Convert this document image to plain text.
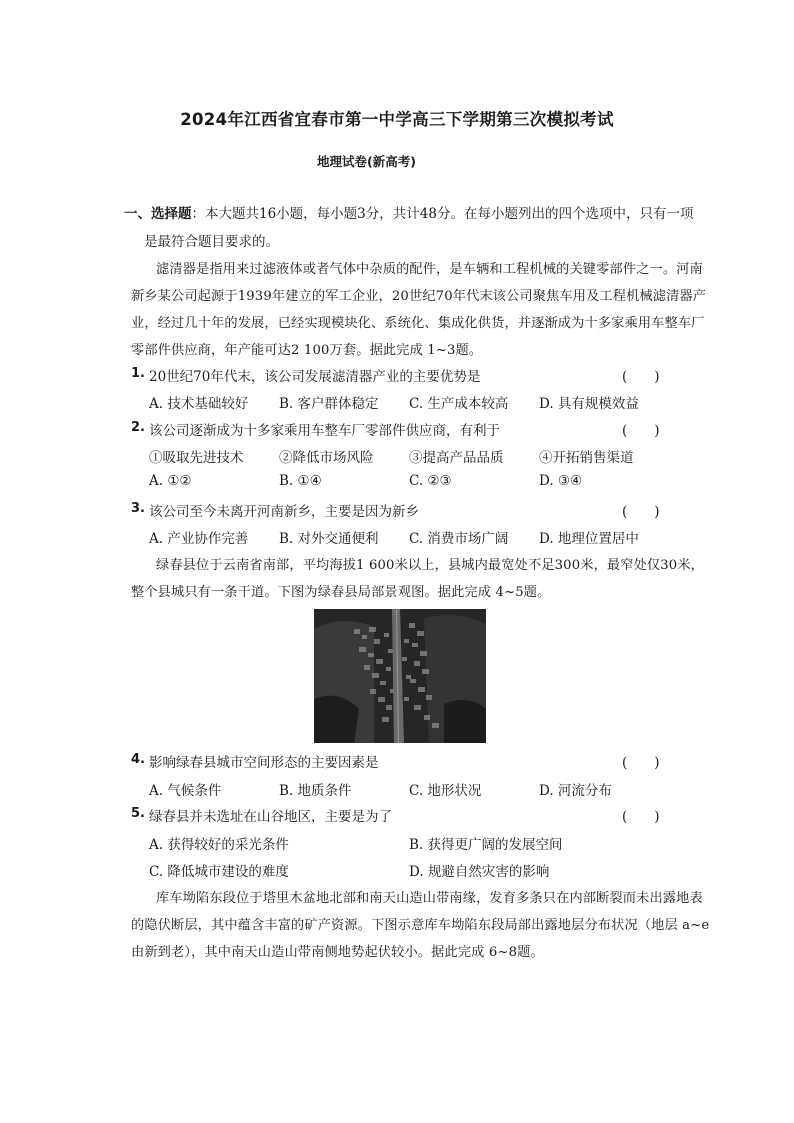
2024年江西省宜春市第一中学高三下学期第三次模拟考试
地理试卷(新高考)
一、选择题：本大题共16小题，每小题3分，共计48分。在每小题列出的四个选项中，只有一项
是最符合题目要求的。
滤清器是指用来过滤液体或者气体中杂质的配件，是车辆和工程机械的关键零部件之一。河南
新乡某公司起源于1939年建立的军工企业，20世纪70年代末该公司聚焦车用及工程机械滤清器产
业，经过几十年的发展，已经实现模块化、系统化、集成化供货，并逐渐成为十多家乘用车整车厂
零部件供应商，年产能可达2 100万套。据此完成 1~3题。
1. 20世纪70年代末，该公司发展滤清器产业的主要优势是	(　　)
A. 技术基础较好 B. 客户群体稳定 C. 生产成本较高 D. 具有规模效益
2. 该公司逐渐成为十多家乘用车整车厂零部件供应商，有利于	(　　)
①吸取先进技术	②降低市场风险	③提高产品品质	④开拓销售渠道
A. ①②	B. ①④	C. ②③	D. ③④
3. 该公司至今未离开河南新乡，主要是因为新乡	(　　)
A. 产业协作完善 B. 对外交通便利 C. 消费市场广阔 D. 地理位置居中
绿春县位于云南省南部，平均海拔1 600米以上，县城内最宽处不足300米，最窄处仅30米，
整个县城只有一条干道。下图为绿春县局部景观图。据此完成 4~5题。
4. 影响绿春县城市空间形态的主要因素是	(　　)
A. 气候条件	B. 地质条件	C. 地形状况	D. 河流分布
5. 绿春县并未选址在山谷地区，主要是为了	(　　)
A. 获得较好的采光条件	B. 获得更广阔的发展空间
C. 降低城市建设的难度	D. 规避自然灾害的影响
库车坳陷东段位于塔里木盆地北部和南天山造山带南缘，发育多条只在内部断裂而未出露地表
的隐伏断层，其中蕴含丰富的矿产资源。下图示意库车坳陷东段局部出露地层分布状况（地层 a~e
由新到老），其中南天山造山带南侧地势起伏较小。据此完成 6~8题。
